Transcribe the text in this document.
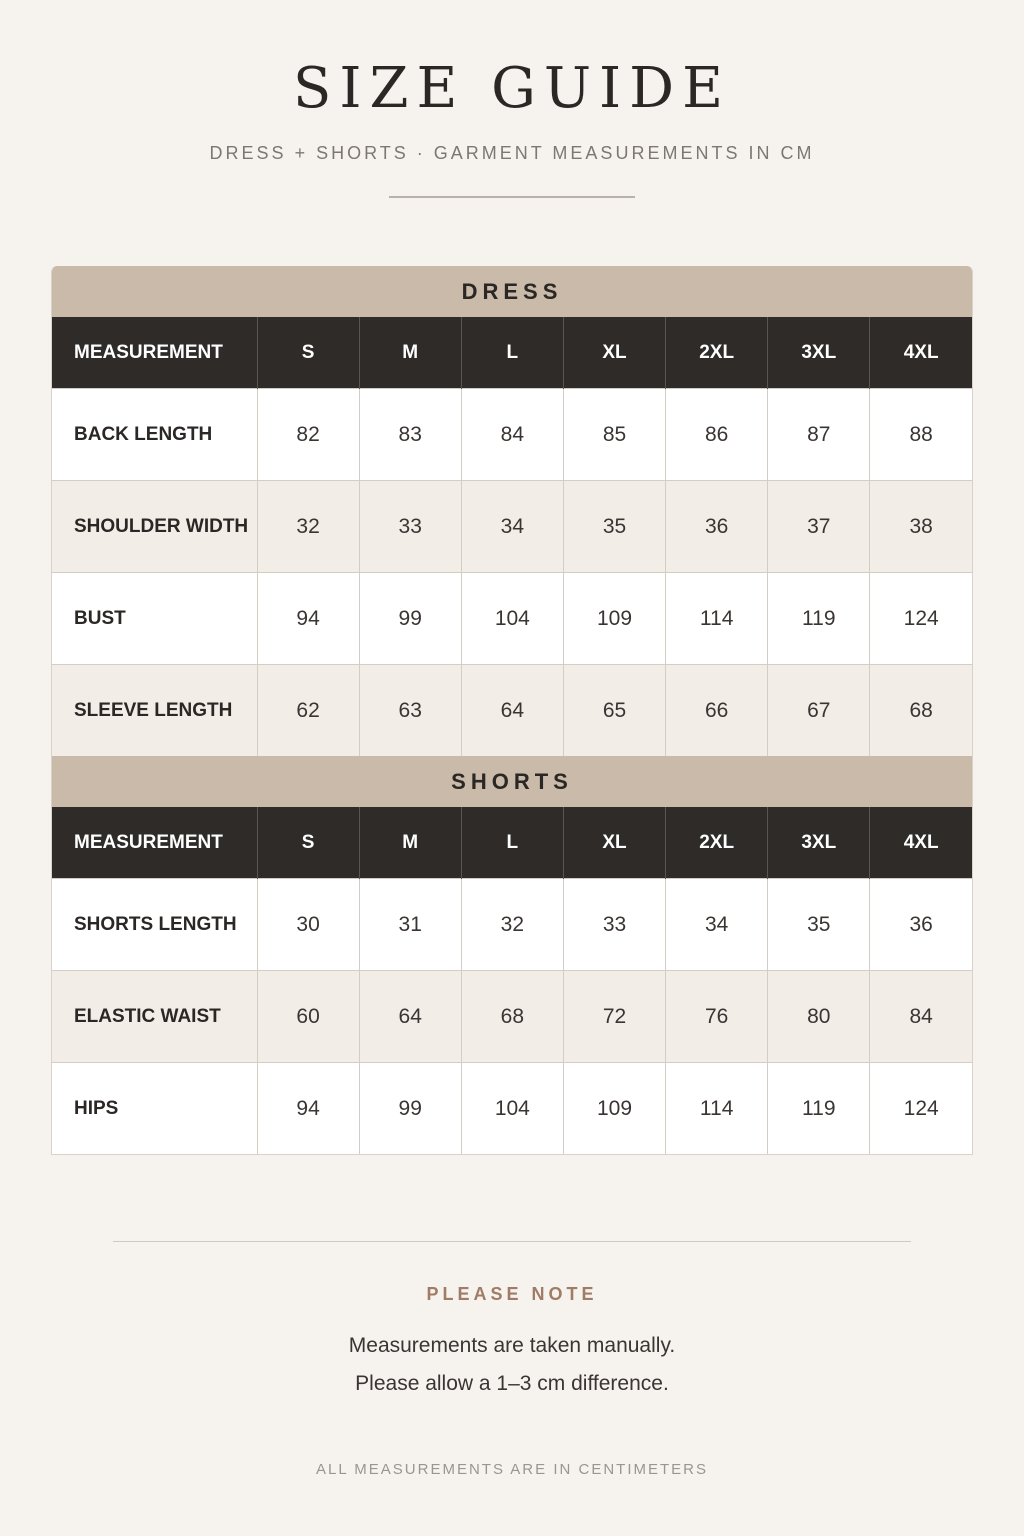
SIZE GUIDE
DRESS + SHORTS · GARMENT MEASUREMENTS IN CM
DRESS							
MEASUREMENT	S	M	L	XL	2XL	3XL	4XL
BACK LENGTH	82	83	84	85	86	87	88
SHOULDER WIDTH	32	33	34	35	36	37	38
BUST	94	99	104	109	114	119	124
SLEEVE LENGTH	62	63	64	65	66	67	68
SHORTS							
MEASUREMENT	S	M	L	XL	2XL	3XL	4XL
SHORTS LENGTH	30	31	32	33	34	35	36
ELASTIC WAIST	60	64	68	72	76	80	84
HIPS	94	99	104	109	114	119	124
PLEASE NOTE
Measurements are taken manually.
Please allow a 1–3 cm difference.
ALL MEASUREMENTS ARE IN CENTIMETERS
